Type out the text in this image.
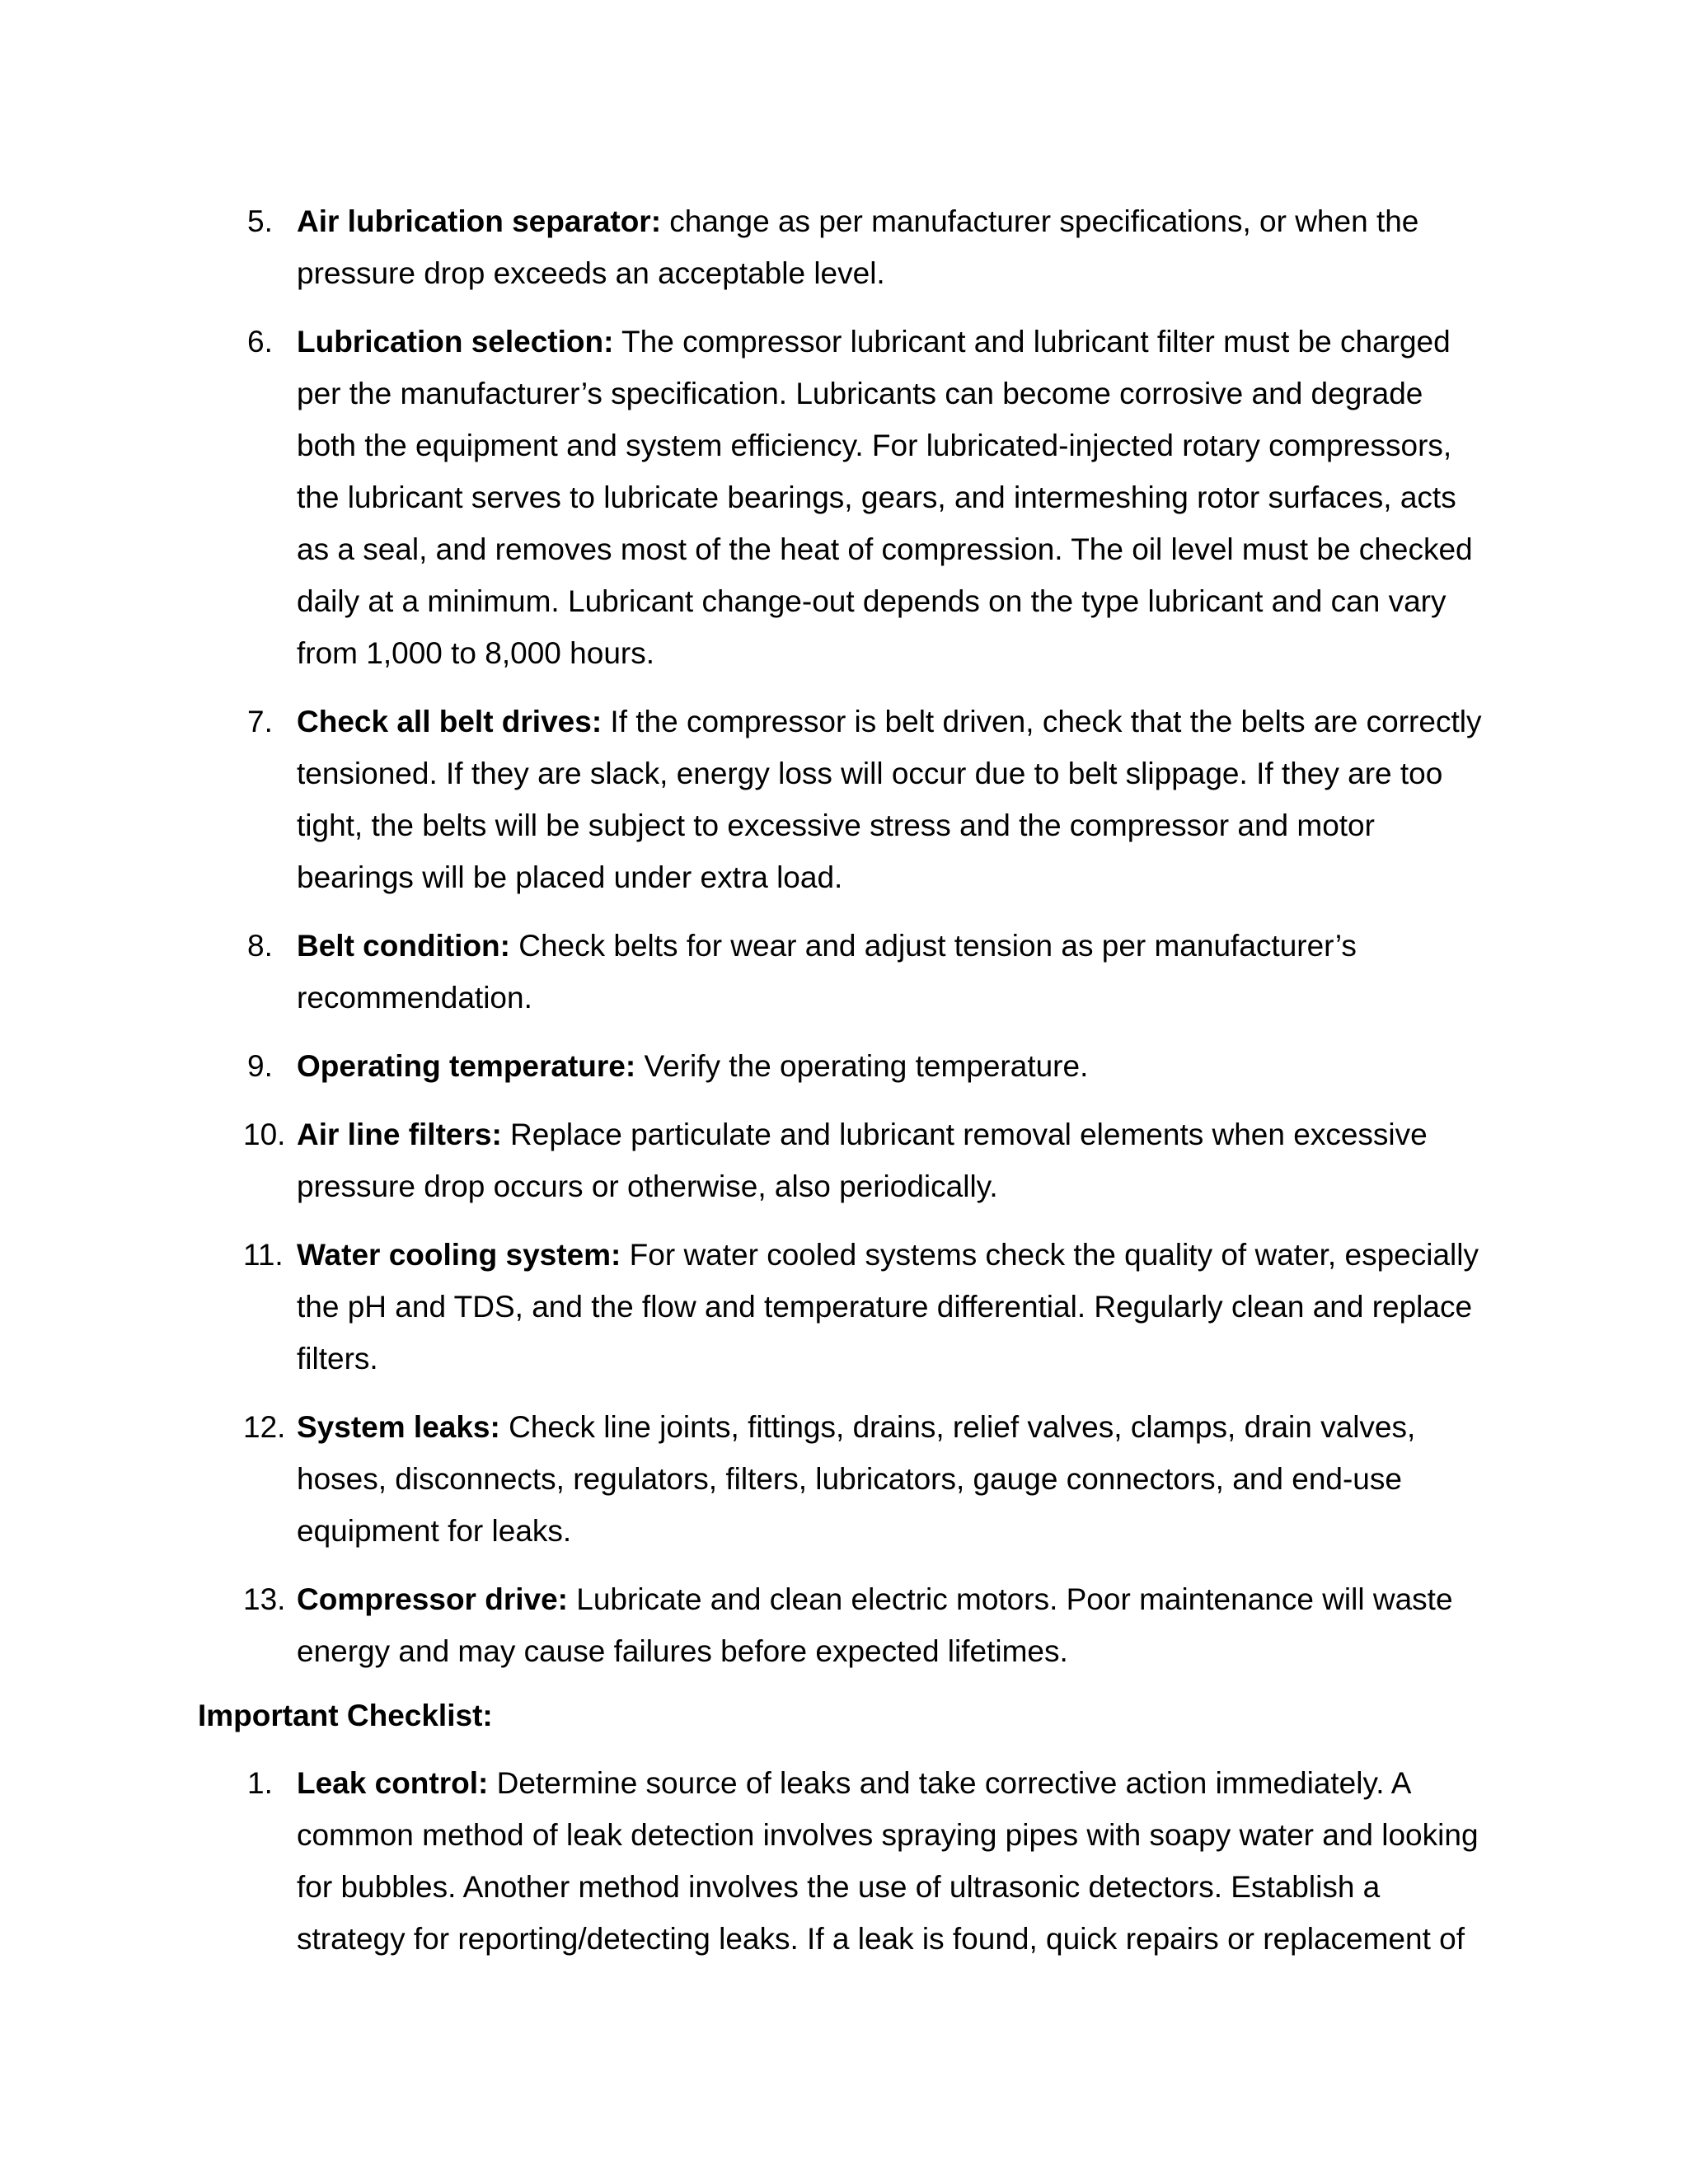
5. Air lubrication separator: change as per manufacturer specifications, or when the pressure drop exceeds an acceptable level.
6. Lubrication selection: The compressor lubricant and lubricant filter must be charged per the manufacturer’s specification. Lubricants can become corrosive and degrade both the equipment and system efficiency. For lubricated-injected rotary compressors, the lubricant serves to lubricate bearings, gears, and intermeshing rotor surfaces, acts as a seal, and removes most of the heat of compression. The oil level must be checked daily at a minimum. Lubricant change-out depends on the type lubricant and can vary from 1,000 to 8,000 hours.
7. Check all belt drives: If the compressor is belt driven, check that the belts are correctly tensioned. If they are slack, energy loss will occur due to belt slippage. If they are too tight, the belts will be subject to excessive stress and the compressor and motor bearings will be placed under extra load.
8. Belt condition: Check belts for wear and adjust tension as per manufacturer’s recommendation.
9. Operating temperature: Verify the operating temperature.
10. Air line filters: Replace particulate and lubricant removal elements when excessive pressure drop occurs or otherwise, also periodically.
11. Water cooling system: For water cooled systems check the quality of water, especially the pH and TDS, and the flow and temperature differential. Regularly clean and replace filters.
12. System leaks: Check line joints, fittings, drains, relief valves, clamps, drain valves, hoses, disconnects, regulators, filters, lubricators, gauge connectors, and end-use equipment for leaks.
13. Compressor drive: Lubricate and clean electric motors. Poor maintenance will waste energy and may cause failures before expected lifetimes.

Important Checklist:

1. Leak control: Determine source of leaks and take corrective action immediately. A common method of leak detection involves spraying pipes with soapy water and looking for bubbles. Another method involves the use of ultrasonic detectors. Establish a strategy for reporting/detecting leaks. If a leak is found, quick repairs or replacement of
